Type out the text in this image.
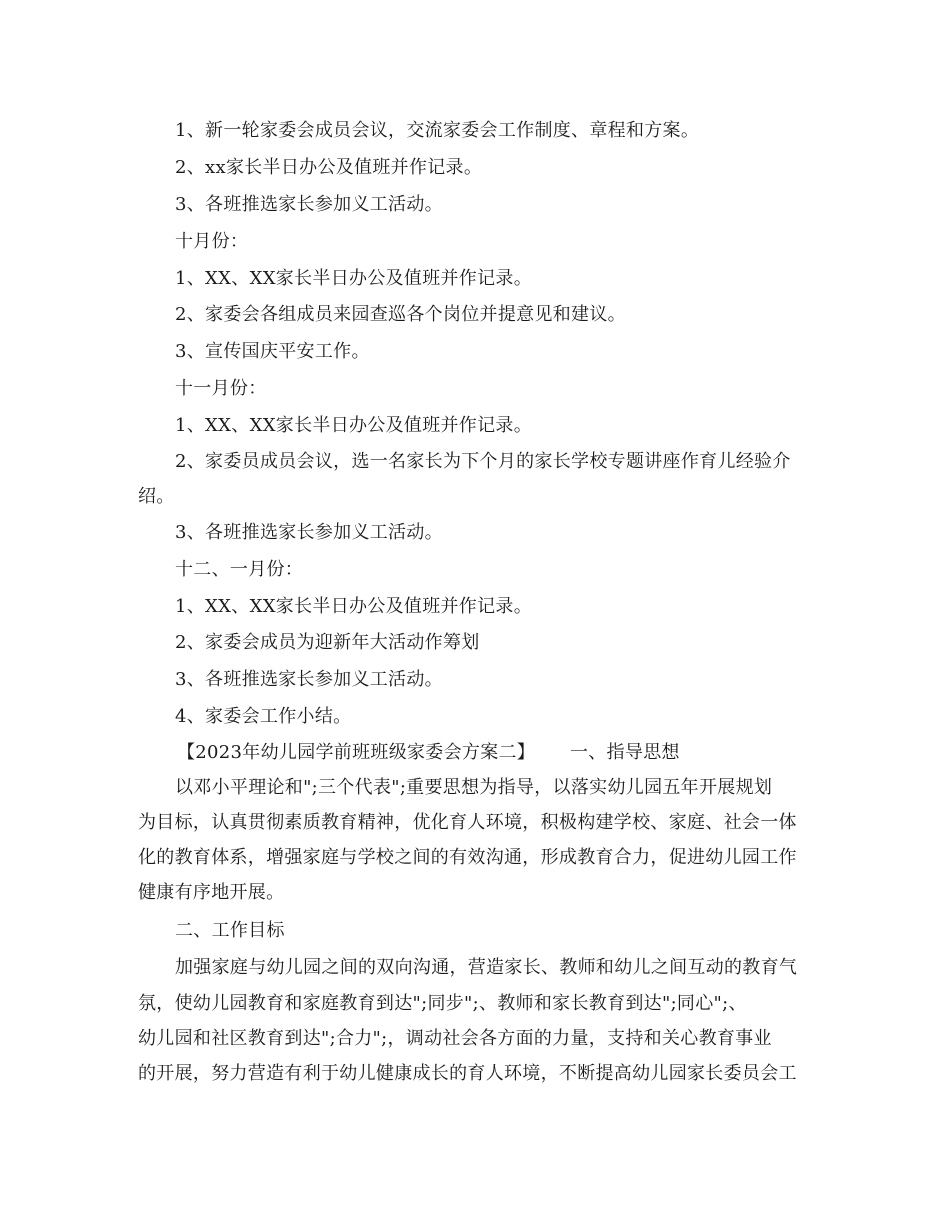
1、新一轮家委会成员会议，交流家委会工作制度、章程和方案。
2、xx家长半日办公及值班并作记录。
3、各班推选家长参加义工活动。
十月份：
1、XX、XX家长半日办公及值班并作记录。
2、家委会各组成员来园查巡各个岗位并提意见和建议。
3、宣传国庆平安工作。
十一月份：
1、XX、XX家长半日办公及值班并作记录。
2、家委员成员会议，选一名家长为下个月的家长学校专题讲座作育儿经验介
绍。
3、各班推选家长参加义工活动。
十二、一月份：
1、XX、XX家长半日办公及值班并作记录。
2、家委会成员为迎新年大活动作筹划
3、各班推选家长参加义工活动。
4、家委会工作小结。
【2023年幼儿园学前班班级家委会方案二】 一、指导思想
以邓小平理论和";三个代表";重要思想为指导，以落实幼儿园五年开展规划
为目标，认真贯彻素质教育精神，优化育人环境，积极构建学校、家庭、社会一体
化的教育体系，增强家庭与学校之间的有效沟通，形成教育合力，促进幼儿园工作
健康有序地开展。
二、工作目标
加强家庭与幼儿园之间的双向沟通，营造家长、教师和幼儿之间互动的教育气
氛，使幼儿园教育和家庭教育到达";同步";、教师和家长教育到达";同心";、
幼儿园和社区教育到达";合力";，调动社会各方面的力量，支持和关心教育事业
的开展，努力营造有利于幼儿健康成长的育人环境，不断提高幼儿园家长委员会工
